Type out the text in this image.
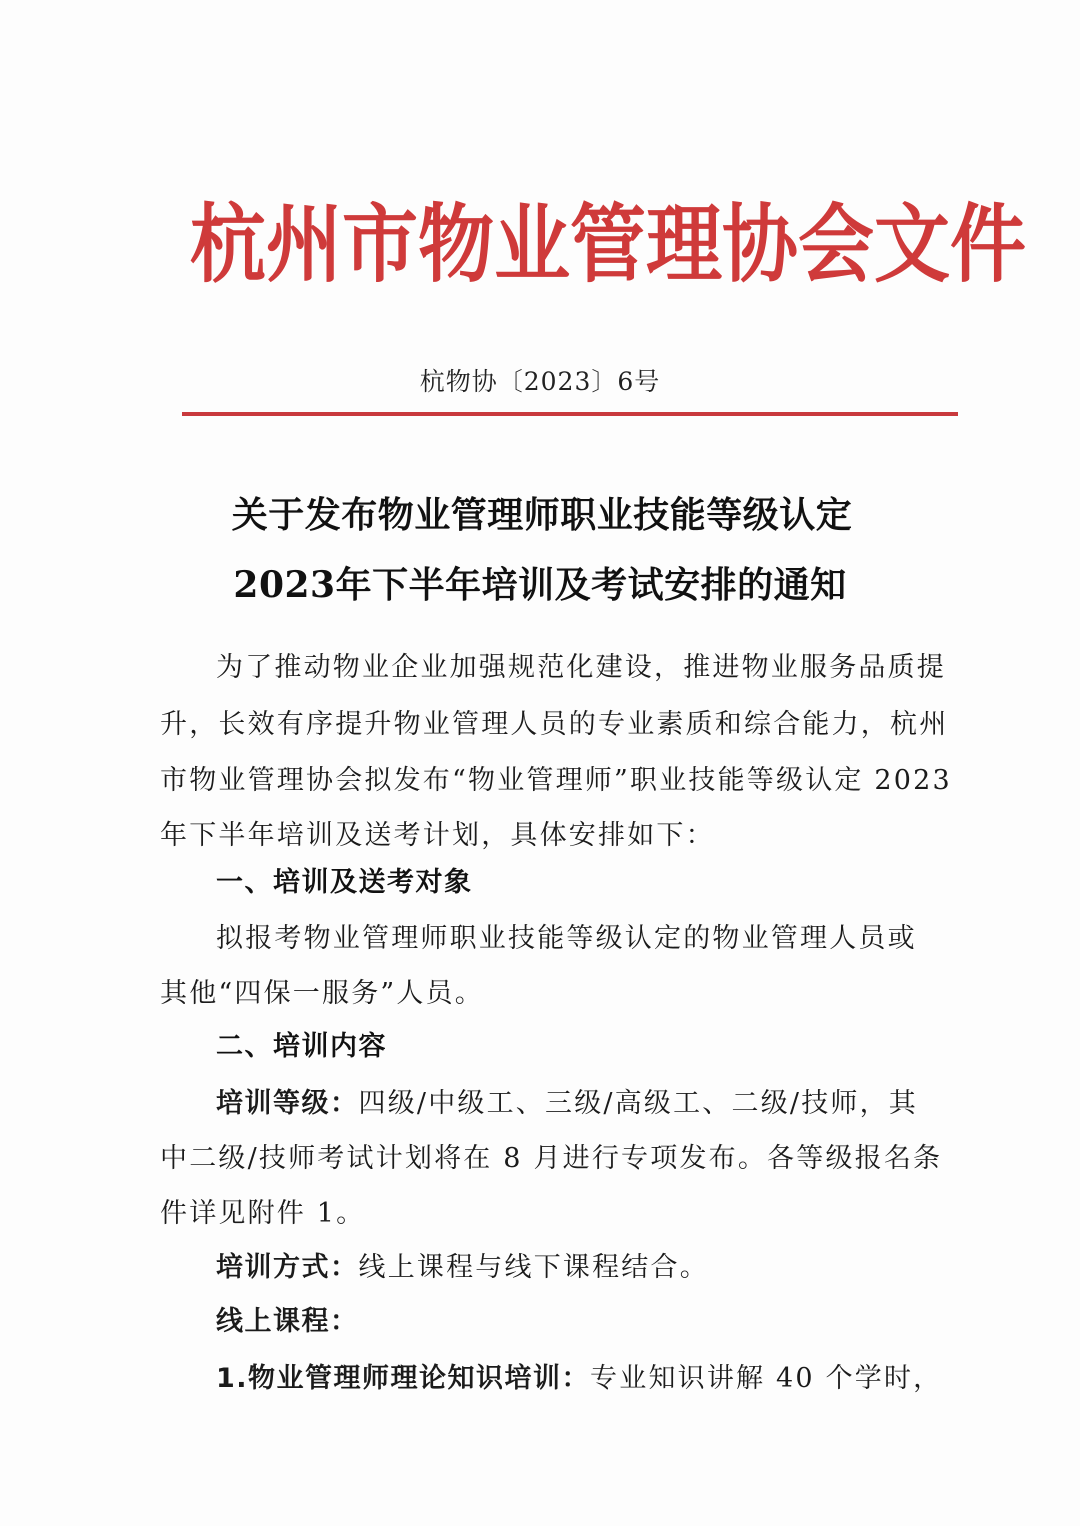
杭 州 市 物 业 管 理 协 会 文 件
杭物协〔2023〕6号
关于发布物业管理师职业技能等级认定
2023年下半年培训及考试安排的通知
为了推动物业企业加强规范化建设，推进物业服务品质提
升，长效有序提升物业管理人员的专业素质和综合能力，杭州
市物业管理协会拟发布“物业管理师”职业技能等级认定 2023
年下半年培训及送考计划，具体安排如下：
一、培训及送考对象
拟报考物业管理师职业技能等级认定的物业管理人员或
其他“四保一服务”人员。
二、培训内容
培训等级：四级/中级工、三级/高级工、二级/技师，其
中二级/技师考试计划将在 8 月进行专项发布。各等级报名条
件详见附件 1。
培训方式：线上课程与线下课程结合。
线上课程：
1.物业管理师理论知识培训：专业知识讲解 40 个学时，
